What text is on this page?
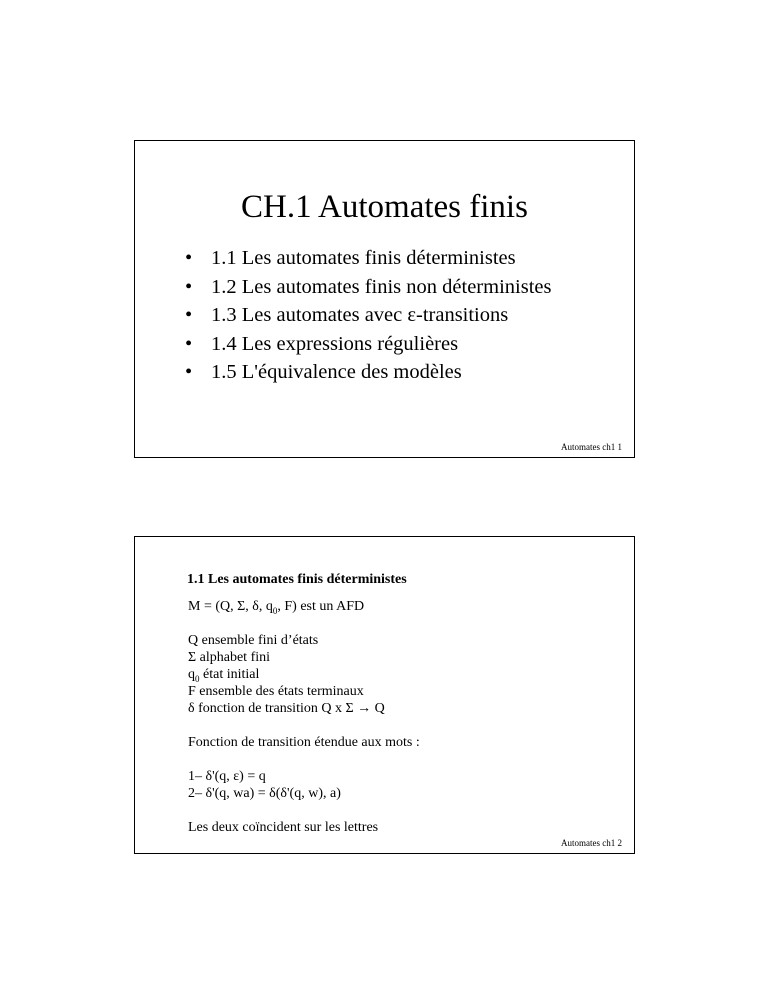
CH.1 Automates finis
• 1.1 Les automates finis déterministes
• 1.2 Les automates finis non déterministes
• 1.3 Les automates avec ε-transitions
• 1.4 Les expressions régulières
• 1.5 L'équivalence des modèles
Automates ch1 1
1.1 Les automates finis déterministes
M = (Q, Σ, δ, $q_0$, F) est un AFD
Q ensemble fini d’états
Σ alphabet fini
$q_0$ état initial
F ensemble des états terminaux
δ fonction de transition Q x Σ → Q
Fonction de transition étendue aux mots :
1– δ'(q, ε) = q
2– δ'(q, wa) = δ(δ'(q, w), a)
Les deux coïncident sur les lettres
Automates ch1 2
